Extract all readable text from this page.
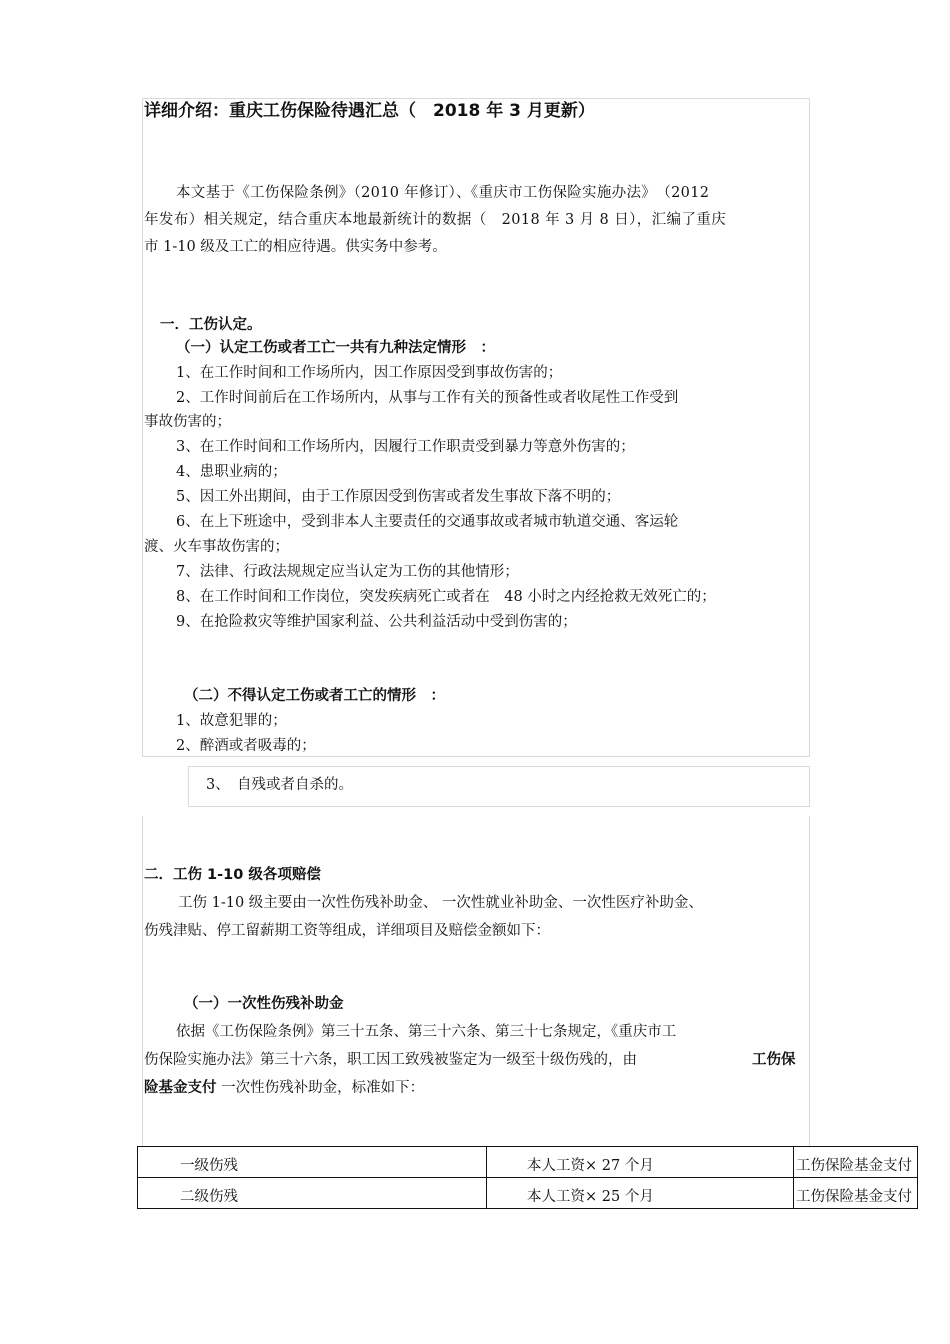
详细介绍：重庆工伤保险待遇汇总（　2018 年 3 月更新）
本文基于《工伤保险条例》（2010 年修订）、《重庆市工伤保险实施办法》　（2012
年发布）相关规定，结合重庆本地最新统计的数据（　2018 年 3 月 8 日），汇编了重庆
市 1-10 级及工亡的相应待遇。供实务中参考。
一．工伤认定。
（一）认定工伤或者工亡一共有九种法定情形　：
1、在工作时间和工作场所内，因工作原因受到事故伤害的；
2、工作时间前后在工作场所内，从事与工作有关的预备性或者收尾性工作受到
事故伤害的；
3、在工作时间和工作场所内，因履行工作职责受到暴力等意外伤害的；
4、患职业病的；
5、因工外出期间，由于工作原因受到伤害或者发生事故下落不明的；
6、在上下班途中，受到非本人主要责任的交通事故或者城市轨道交通、客运轮
渡、火车事故伤害的；
7、法律、行政法规规定应当认定为工伤的其他情形；
8、在工作时间和工作岗位，突发疾病死亡或者在　48 小时之内经抢救无效死亡的；
9、在抢险救灾等维护国家利益、公共利益活动中受到伤害的；
（二）不得认定工伤或者工亡的情形　：
1、故意犯罪的；
2、醉酒或者吸毒的；
3、　自残或者自杀的。
二．工伤 1-10 级各项赔偿
工伤 1-10 级主要由一次性伤残补助金、 一次性就业补助金、一次性医疗补助金、
伤残津贴、停工留薪期工资等组成，详细项目及赔偿金额如下：
（一）一次性伤残补助金
依据《工伤保险条例》第三十五条、第三十六条、第三十七条规定，《重庆市工
伤保险实施办法》第三十六条，职工因工致残被鉴定为一级至十级伤残的，由	工伤保
险基金支付 一次性伤残补助金，标准如下：
一级伤残	本人工资× 27 个月	工伤保险基金支付
二级伤残	本人工资× 25 个月	工伤保险基金支付
